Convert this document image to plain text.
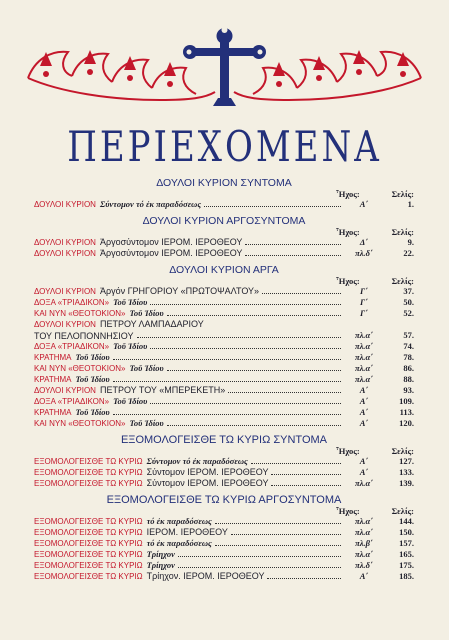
ΠΕΡΙΕΧΟΜΕΝΑ
ΔΟΥΛΟΙ ΚΥΡΙΟΝ ΣΥΝΤΟΜΑ
Ἦχος:	Σελίς:
ΔΟΥΛΟΙ ΚΥΡΙΟΝ Σύντομον τό ἐκ παραδόσεως	Α΄	1.
ΔΟΥΛΟΙ ΚΥΡΙΟΝ ΑΡΓΟΣΥΝΤΟΜΑ
Ἦχος:	Σελίς:
ΔΟΥΛΟΙ ΚΥΡΙΟΝ Ἀργοσύντομον ΙΕΡΟΜ. ΙΕΡΟΘΕΟΥ	Δ΄	9.
ΔΟΥΛΟΙ ΚΥΡΙΟΝ Ἀργοσύντομον ΙΕΡΟΜ. ΙΕΡΟΘΕΟΥ	πλ.δ΄	22.
ΔΟΥΛΟΙ ΚΥΡΙΟΝ ΑΡΓΑ
Ἦχος:	Σελίς:
ΔΟΥΛΟΙ ΚΥΡΙΟΝ Ἀργόν ΓΡΗΓΟΡΙΟΥ «ΠΡΩΤΟΨΑΛΤΟΥ»	Γ΄	37.
ΔΟΞΑ «ΤΡΙΑΔΙΚΟΝ» Τοῦ Ἰδίου	Γ΄	50.
ΚΑΙ ΝΥΝ «ΘΕΟΤΟΚΙΟΝ» Τοῦ Ἰδίου	Γ΄	52.
ΔΟΥΛΟΙ ΚΥΡΙΟΝ ΠΕΤΡΟΥ ΛΑΜΠΑΔΑΡΙΟΥ
ΤΟΥ ΠΕΛΟΠΟΝΝΗΣΙΟΥ	πλ.α΄	57.
ΔΟΞΑ «ΤΡΙΑΔΙΚΟΝ» Τοῦ Ἰδίου	πλ.α΄	74.
ΚΡΑΤΗΜΑ Τοῦ Ἰδίου	πλ.α΄	78.
ΚΑΙ ΝΥΝ «ΘΕΟΤΟΚΙΟΝ» Τοῦ Ἰδίου	πλ.α΄	86.
ΚΡΑΤΗΜΑ Τοῦ Ἰδίου	πλ.α΄	88.
ΔΟΥΛΟΙ ΚΥΡΙΟΝ ΠΕΤΡΟΥ ΤΟΥ «ΜΠΕΡΕΚΕΤΗ»	Α΄	93.
ΔΟΞΑ «ΤΡΙΑΔΙΚΟΝ» Τοῦ Ἰδίου	Α΄	109.
ΚΡΑΤΗΜΑ Τοῦ Ἰδίου	Α΄	113.
ΚΑΙ ΝΥΝ «ΘΕΟΤΟΚΙΟΝ» Τοῦ Ἰδίου	Α΄	120.
ΕΞΟΜΟΛΟΓΕΙΣΘΕ ΤΩ ΚΥΡΙΩ ΣΥΝΤΟΜΑ
Ἦχος:	Σελίς:
ΕΞΟΜΟΛΟΓΕΙΣΘΕ ΤΩ ΚΥΡΙΩ Σύντομον τό ἐκ παραδόσεως	Α΄	127.
ΕΞΟΜΟΛΟΓΕΙΣΘΕ ΤΩ ΚΥΡΙΩ Σύντομον ΙΕΡΟΜ. ΙΕΡΟΘΕΟΥ	Α΄	133.
ΕΞΟΜΟΛΟΓΕΙΣΘΕ ΤΩ ΚΥΡΙΩ Σύντομον ΙΕΡΟΜ. ΙΕΡΟΘΕΟΥ	πλ.α΄	139.
ΕΞΟΜΟΛΟΓΕΙΣΘΕ ΤΩ ΚΥΡΙΩ ΑΡΓΟΣΥΝΤΟΜΑ
Ἦχος:	Σελίς:
ΕΞΟΜΟΛΟΓΕΙΣΘΕ ΤΩ ΚΥΡΙΩ τό ἐκ παραδόσεως	πλ.α΄	144.
ΕΞΟΜΟΛΟΓΕΙΣΘΕ ΤΩ ΚΥΡΙΩ ΙΕΡΟΜ. ΙΕΡΟΘΕΟΥ	πλ.α΄	150.
ΕΞΟΜΟΛΟΓΕΙΣΘΕ ΤΩ ΚΥΡΙΩ τό ἐκ παραδόσεως	πλ.β΄	157.
ΕΞΟΜΟΛΟΓΕΙΣΘΕ ΤΩ ΚΥΡΙΩ Τρίηχον	πλ.α΄	165.
ΕΞΟΜΟΛΟΓΕΙΣΘΕ ΤΩ ΚΥΡΙΩ Τρίηχον	πλ.δ΄	175.
ΕΞΟΜΟΛΟΓΕΙΣΘΕ ΤΩ ΚΥΡΙΩ Τρίηχον. ΙΕΡΟΜ. ΙΕΡΟΘΕΟΥ	Α΄	185.
